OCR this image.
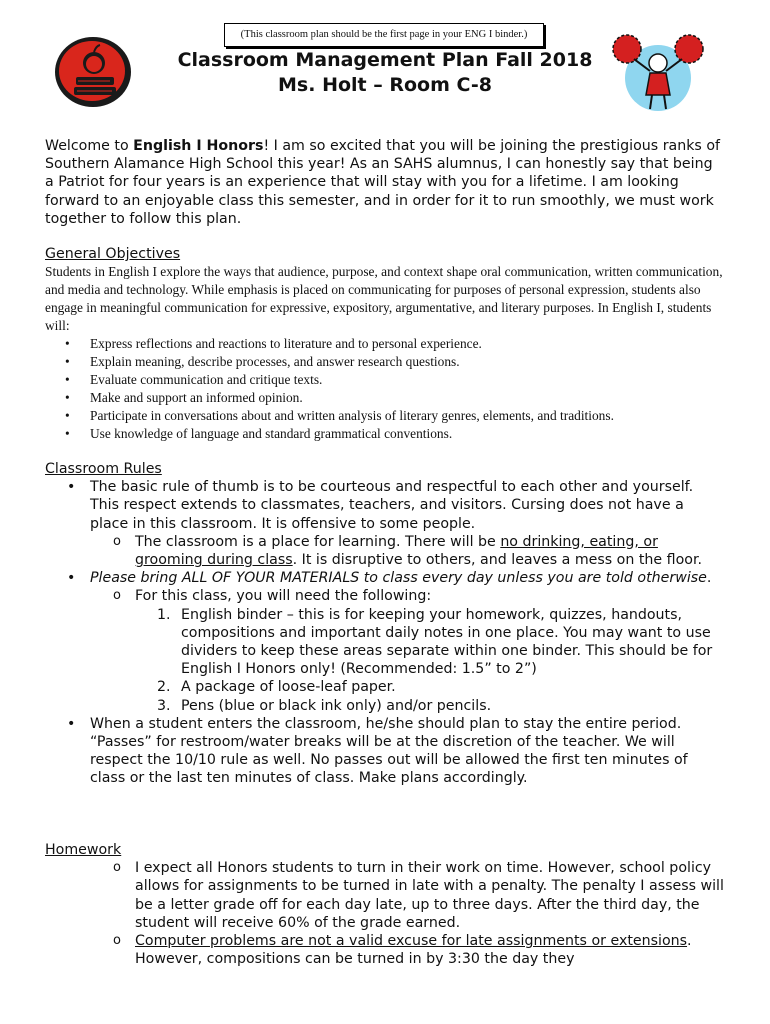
(This classroom plan should be the first page in your ENG I binder.)
Classroom Management Plan Fall 2018
Ms. Holt – Room C-8
Welcome to English I Honors! I am so excited that you will be joining the prestigious ranks of Southern Alamance High School this year! As an SAHS alumnus, I can honestly say that being a Patriot for four years is an experience that will stay with you for a lifetime. I am looking forward to an enjoyable class this semester, and in order for it to run smoothly, we must work together to follow this plan.
General Objectives

Students in English I explore the ways that audience, purpose, and context shape oral communication, written communication, and media and technology. While emphasis is placed on communicating for purposes of personal expression, students also engage in meaningful communication for expressive, expository, argumentative, and literary purposes. In English I, students will:

• Express reflections and reactions to literature and to personal experience.
• Explain meaning, describe processes, and answer research questions.
• Evaluate communication and critique texts.
• Make and support an informed opinion.
• Participate in conversations about and written analysis of literary genres, elements, and traditions.
• Use knowledge of language and standard grammatical conventions.

Classroom Rules

• The basic rule of thumb is to be courteous and respectful to each other and yourself. This respect extends to classmates, teachers, and visitors. Cursing does not have a place in this classroom. It is offensive to some people.
o The classroom is a place for learning. There will be no drinking, eating, or grooming during class. It is disruptive to others, and leaves a mess on the floor.
• Please bring ALL OF YOUR MATERIALS to class every day unless you are told otherwise.
o For this class, you will need the following:
1. English binder – this is for keeping your homework, quizzes, handouts, compositions and important daily notes in one place. You may want to use dividers to keep these areas separate within one binder. This should be for English I Honors only! (Recommended: 1.5” to 2”)
2. A package of loose-leaf paper.
3. Pens (blue or black ink only) and/or pencils.
• When a student enters the classroom, he/she should plan to stay the entire period. “Passes” for restroom/water breaks will be at the discretion of the teacher. We will respect the 10/10 rule as well. No passes out will be allowed the first ten minutes of class or the last ten minutes of class. Make plans accordingly.

Homework

o I expect all Honors students to turn in their work on time. However, school policy allows for assignments to be turned in late with a penalty. The penalty I assess will be a letter grade off for each day late, up to three days. After the third day, the student will receive 60% of the grade earned.
o Computer problems are not a valid excuse for late assignments or extensions. However, compositions can be turned in by 3:30 the day they
